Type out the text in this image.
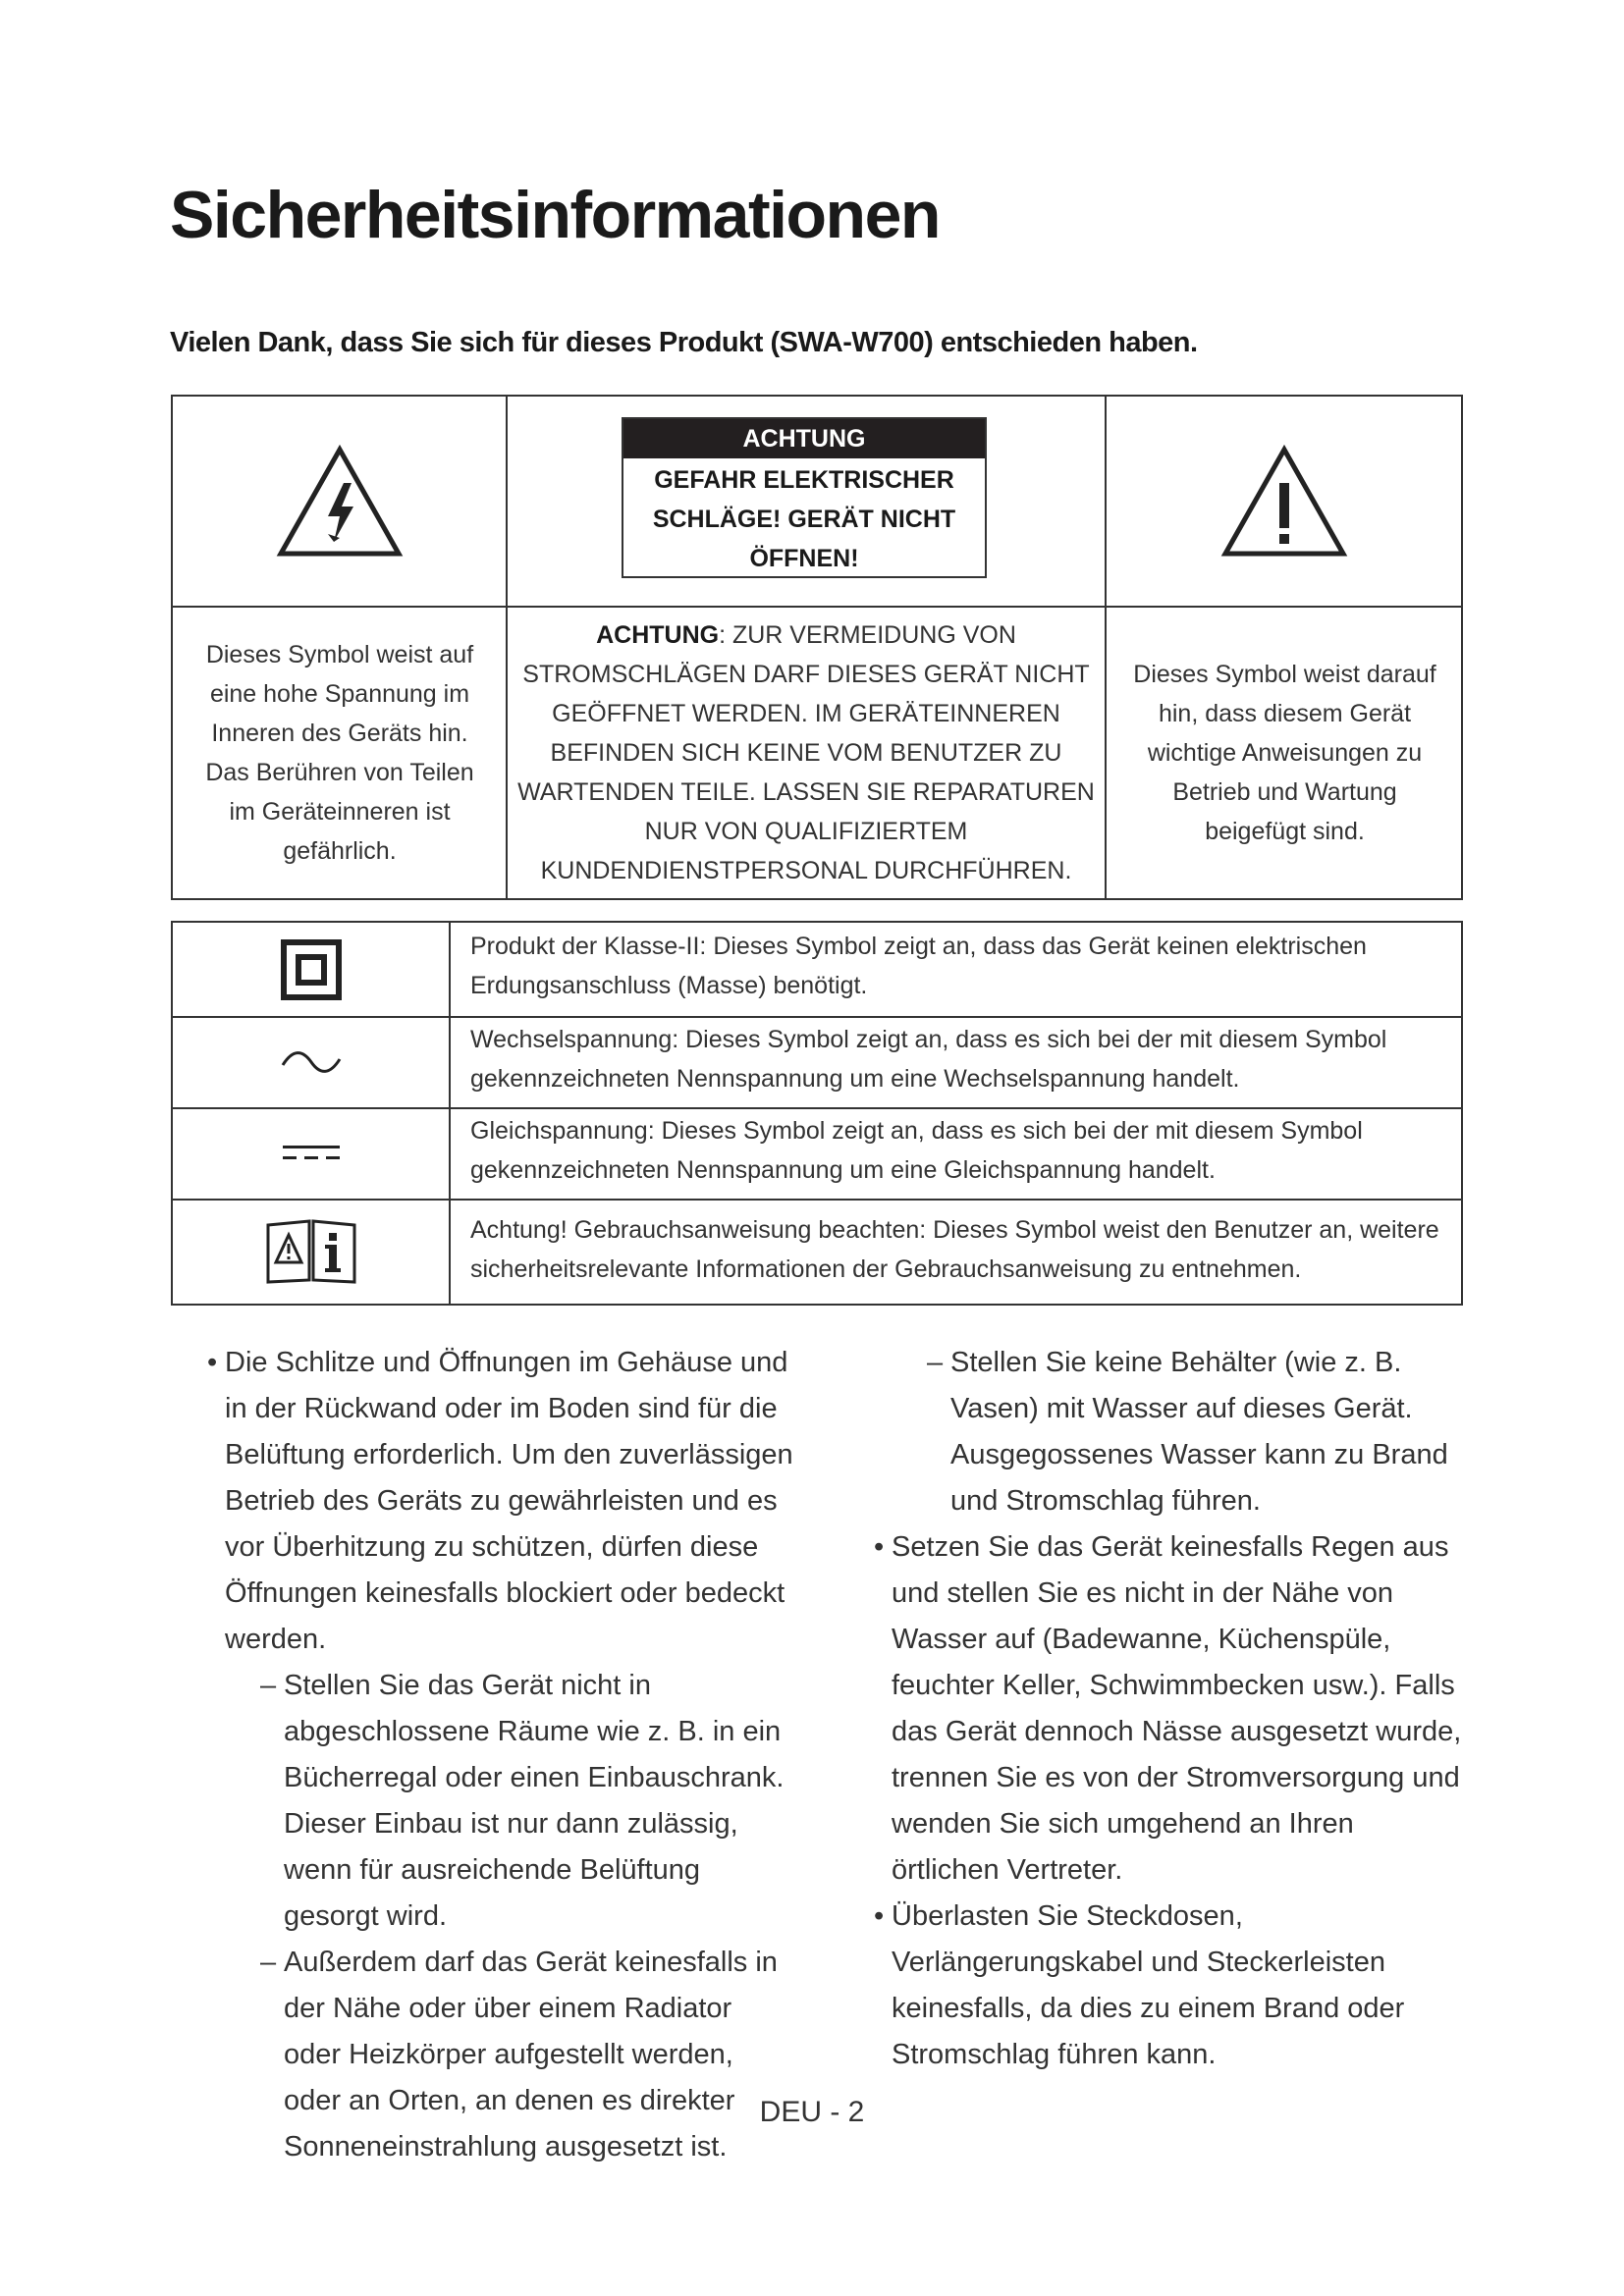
Sicherheitsinformationen
Vielen Dank, dass Sie sich für dieses Produkt (SWA-W700) entschieden haben.
ACHTUNG
GEFAHR ELEKTRISCHER
SCHLÄGE! GERÄT NICHT
ÖFFNEN!
Dieses Symbol weist auf eine hohe Spannung im Inneren des Geräts hin. Das Berühren von Teilen im Geräteinneren ist gefährlich.
ACHTUNG: ZUR VERMEIDUNG VON STROMSCHLÄGEN DARF DIESES GERÄT NICHT GEÖFFNET WERDEN. IM GERÄTEINNEREN BEFINDEN SICH KEINE VOM BENUTZER ZU WARTENDEN TEILE. LASSEN SIE REPARATUREN NUR VON QUALIFIZIERTEM KUNDENDIENSTPERSONAL DURCHFÜHREN.
Dieses Symbol weist darauf hin, dass diesem Gerät wichtige Anweisungen zu Betrieb und Wartung beigefügt sind.
Produkt der Klasse-II: Dieses Symbol zeigt an, dass das Gerät keinen elektrischen Erdungsanschluss (Masse) benötigt.
Wechselspannung: Dieses Symbol zeigt an, dass es sich bei der mit diesem Symbol gekennzeichneten Nennspannung um eine Wechselspannung handelt.
Gleichspannung: Dieses Symbol zeigt an, dass es sich bei der mit diesem Symbol gekennzeichneten Nennspannung um eine Gleichspannung handelt.
Achtung! Gebrauchsanweisung beachten: Dieses Symbol weist den Benutzer an, weitere sicherheitsrelevante Informationen der Gebrauchsanweisung zu entnehmen.

• Die Schlitze und Öffnungen im Gehäuse und in der Rückwand oder im Boden sind für die Belüftung erforderlich. Um den zuverlässigen Betrieb des Geräts zu gewährleisten und es vor Überhitzung zu schützen, dürfen diese Öffnungen keinesfalls blockiert oder bedeckt werden.

– Stellen Sie das Gerät nicht in abgeschlossene Räume wie z. B. in ein Bücherregal oder einen Einbauschrank. Dieser Einbau ist nur dann zulässig, wenn für ausreichende Belüftung gesorgt wird.

– Außerdem darf das Gerät keinesfalls in der Nähe oder über einem Radiator oder Heizkörper aufgestellt werden, oder an Orten, an denen es direkter Sonneneinstrahlung ausgesetzt ist.

– Stellen Sie keine Behälter (wie z. B. Vasen) mit Wasser auf dieses Gerät. Ausgegossenes Wasser kann zu Brand und Stromschlag führen.

• Setzen Sie das Gerät keinesfalls Regen aus und stellen Sie es nicht in der Nähe von Wasser auf (Badewanne, Küchenspüle, feuchter Keller, Schwimmbecken usw.). Falls das Gerät dennoch Nässe ausgesetzt wurde, trennen Sie es von der Stromversorgung und wenden Sie sich umgehend an Ihren örtlichen Vertreter.

• Überlasten Sie Steckdosen, Verlängerungskabel und Steckerleisten keinesfalls, da dies zu einem Brand oder Stromschlag führen kann.

DEU - 2
